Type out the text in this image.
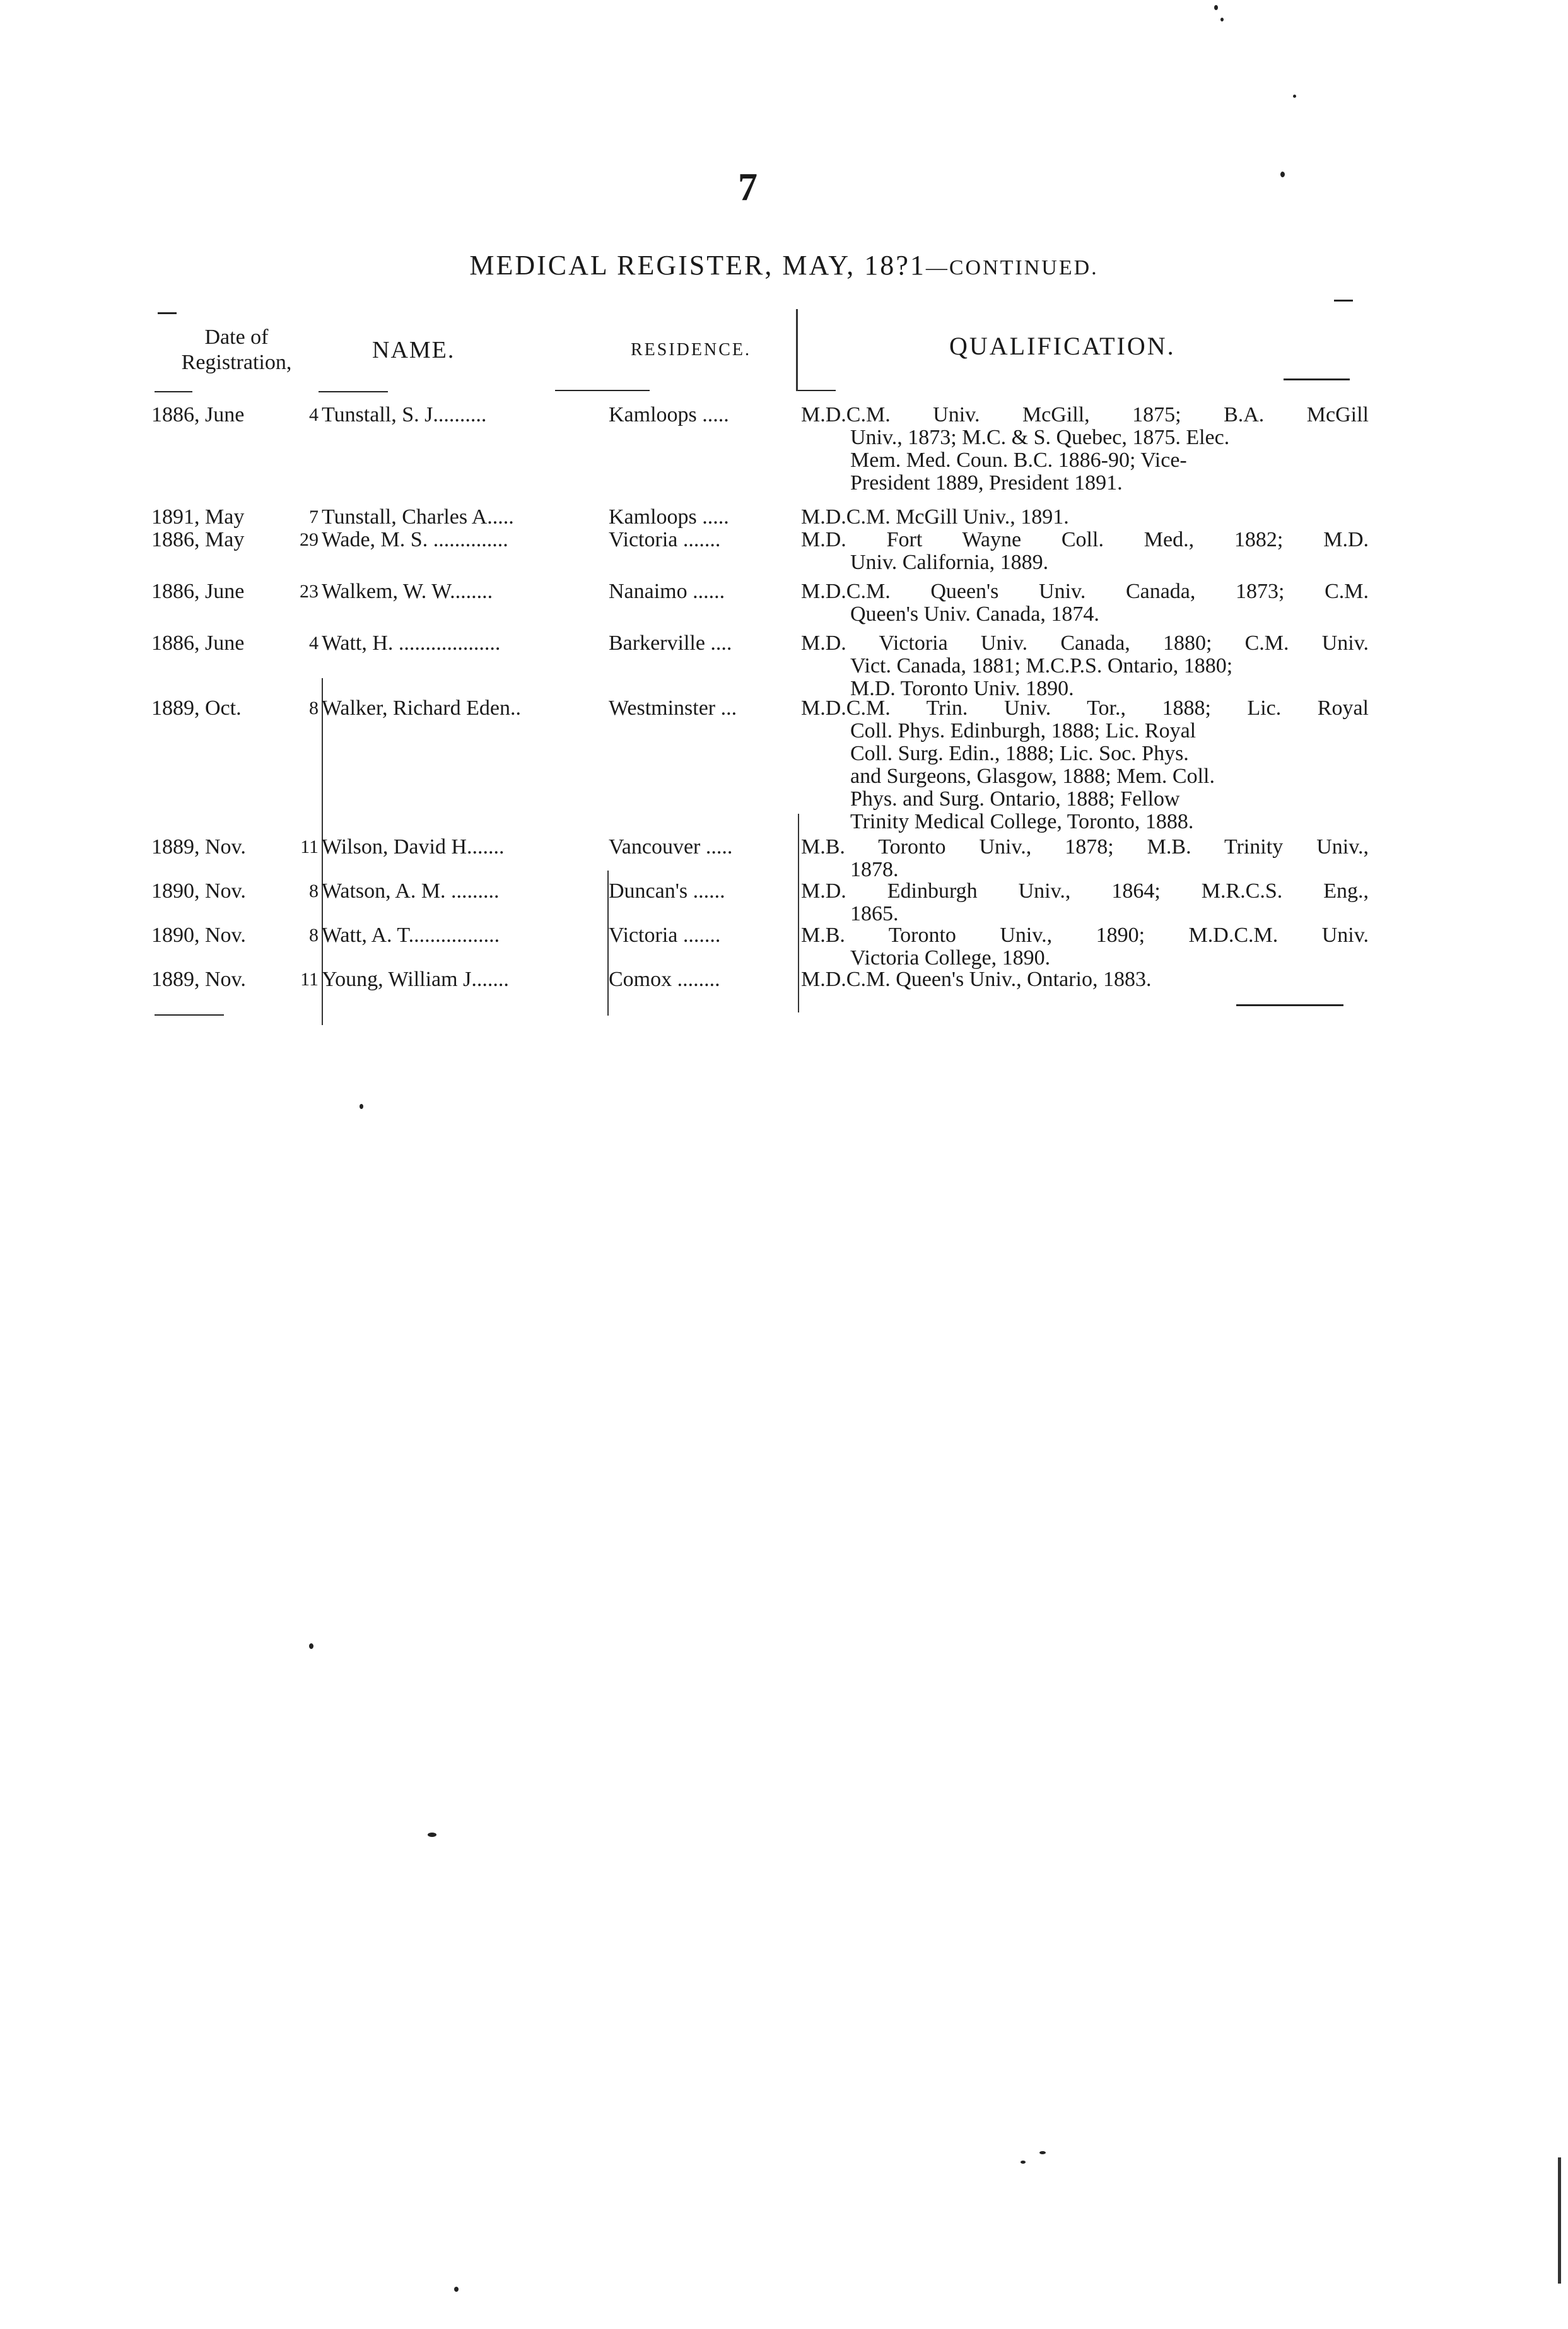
7
MEDICAL REGISTER, MAY, 18?1—CONTINUED.
Date of
Registration,	NAME.	RESIDENCE.	QUALIFICATION.
1886, June	4 Tunstall, S. J..........	Kamloops .....	M.D.C.M. Univ. McGill, 1875; B.A. McGill
Univ., 1873; M.C. & S. Quebec, 1875. Elec.
Mem. Med. Coun. B.C. 1886-90; Vice-
President 1889, President 1891.
1891, May	7 Tunstall, Charles A.....	Kamloops .....	M.D.C.M. McGill Univ., 1891.
1886, May	29 Wade, M. S. ..............	Victoria .......	M.D. Fort Wayne Coll. Med., 1882; M.D.
Univ. California, 1889.
1886, June	23 Walkem, W. W........	Nanaimo ......	M.D.C.M. Queen's Univ. Canada, 1873; C.M.
Queen's Univ. Canada, 1874.
1886, June	4 Watt, H. ...................	Barkerville ....	M.D. Victoria Univ. Canada, 1880; C.M. Univ.
Vict. Canada, 1881; M.C.P.S. Ontario, 1880;
M.D. Toronto Univ. 1890.
1889, Oct.	8 Walker, Richard Eden..	Westminster ...	M.D.C.M. Trin. Univ. Tor., 1888; Lic. Royal
Coll. Phys. Edinburgh, 1888; Lic. Royal
Coll. Surg. Edin., 1888; Lic. Soc. Phys.
and Surgeons, Glasgow, 1888; Mem. Coll.
Phys. and Surg. Ontario, 1888; Fellow
Trinity Medical College, Toronto, 1888.
1889, Nov.	11 Wilson, David H.......	Vancouver .....	M.B. Toronto Univ., 1878; M.B. Trinity Univ.,
1878.
1890, Nov.	8 Watson, A. M. .........	Duncan's ......	M.D. Edinburgh Univ., 1864; M.R.C.S. Eng.,
1865.
1890, Nov.	8 Watt, A. T.................	Victoria .......	M.B. Toronto Univ., 1890; M.D.C.M. Univ.
Victoria College, 1890.
1889, Nov.	11 Young, William J.......	Comox ........	M.D.C.M. Queen's Univ., Ontario, 1883.
